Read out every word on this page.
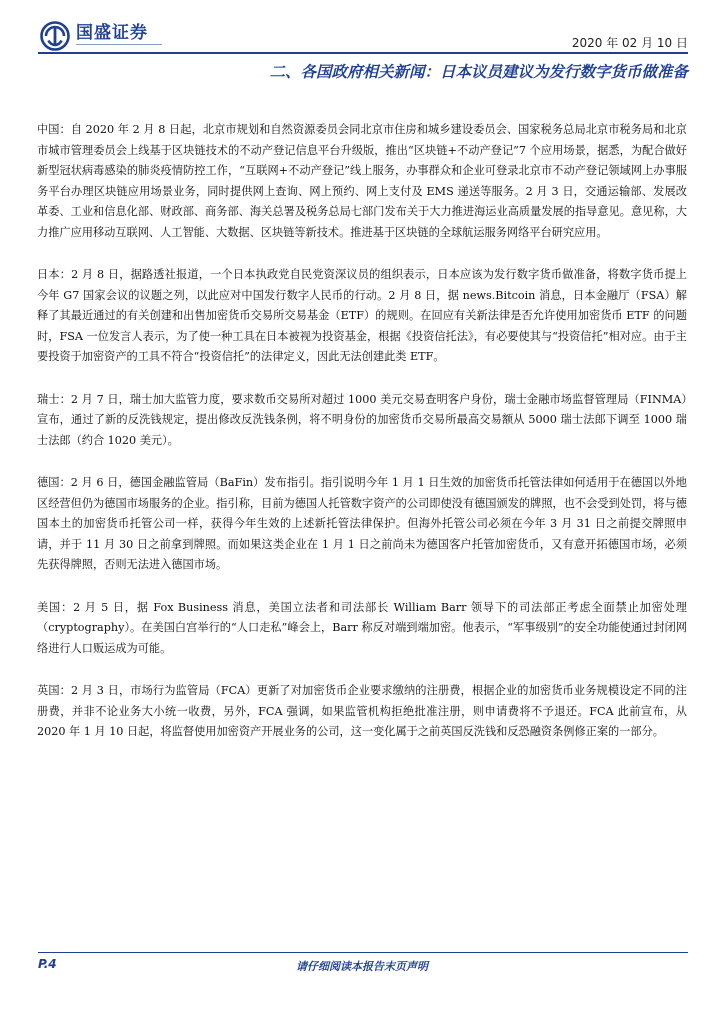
国盛证券	2020 年 02 月 10 日
二、各国政府相关新闻：日本议员建议为发行数字货币做准备

中国：自 2020 年 2 月 8 日起，北京市规划和自然资源委员会同北京市住房和城乡建设委员会、国家税务总局北京市税务局和北京市城市管理委员会上线基于区块链技术的不动产登记信息平台升级版，推出“区块链+不动产登记”7 个应用场景，据悉，为配合做好新型冠状病毒感染的肺炎疫情防控工作，“互联网+不动产登记”线上服务，办事群众和企业可登录北京市不动产登记领域网上办事服务平台办理区块链应用场景业务，同时提供网上查询、网上预约、网上支付及 EMS 递送等服务。2 月 3 日，交通运输部、发展改革委、工业和信息化部、财政部、商务部、海关总署及税务总局七部门发布关于大力推进海运业高质量发展的指导意见。意见称，大力推广应用移动互联网、人工智能、大数据、区块链等新技术。推进基于区块链的全球航运服务网络平台研究应用。

日本：2 月 8 日，据路透社报道，一个日本执政党自民党资深议员的组织表示，日本应该为发行数字货币做准备，将数字货币提上今年 G7 国家会议的议题之列，以此应对中国发行数字人民币的行动。2 月 8 日，据 news.Bitcoin 消息，日本金融厅（FSA）解释了其最近通过的有关创建和出售加密货币交易所交易基金（ETF）的规则。在回应有关新法律是否允许使用加密货币 ETF 的问题时，FSA 一位发言人表示，为了使一种工具在日本被视为投资基金，根据《投资信托法》，有必要使其与“投资信托”相对应。由于主要投资于加密资产的工具不符合“投资信托”的法律定义，因此无法创建此类 ETF。

瑞士：2 月 7 日，瑞士加大监管力度，要求数币交易所对超过 1000 美元交易查明客户身份，瑞士金融市场监督管理局（FINMA）宣布，通过了新的反洗钱规定，提出修改反洗钱条例，将不明身份的加密货币交易所最高交易额从 5000 瑞士法郎下调至 1000 瑞士法郎（约合 1020 美元）。

德国：2 月 6 日，德国金融监管局（BaFin）发布指引。指引说明今年 1 月 1 日生效的加密货币托管法律如何适用于在德国以外地区经营但仍为德国市场服务的企业。指引称，目前为德国人托管数字资产的公司即使没有德国颁发的牌照，也不会受到处罚，将与德国本土的加密货币托管公司一样，获得今年生效的上述新托管法律保护。但海外托管公司必须在今年 3 月 31 日之前提交牌照申请，并于 11 月 30 日之前拿到牌照。而如果这类企业在 1 月 1 日之前尚未为德国客户托管加密货币，又有意开拓德国市场，必须先获得牌照，否则无法进入德国市场。

美国：2 月 5 日，据 Fox Business 消息，美国立法者和司法部长 William Barr 领导下的司法部正考虑全面禁止加密处理（cryptography）。在美国白宫举行的“人口走私”峰会上，Barr 称反对端到端加密。他表示，“军事级别”的安全功能使通过封闭网络进行人口贩运成为可能。

英国：2 月 3 日，市场行为监管局（FCA）更新了对加密货币企业要求缴纳的注册费，根据企业的加密货币业务规模设定不同的注册费，并非不论业务大小统一收费，另外，FCA 强调，如果监管机构拒绝批准注册，则申请费将不予退还。FCA 此前宣布，从 2020 年 1 月 10 日起，将监督使用加密资产开展业务的公司，这一变化属于之前英国反洗钱和反恐融资条例修正案的一部分。

P.4	请仔细阅读本报告末页声明
